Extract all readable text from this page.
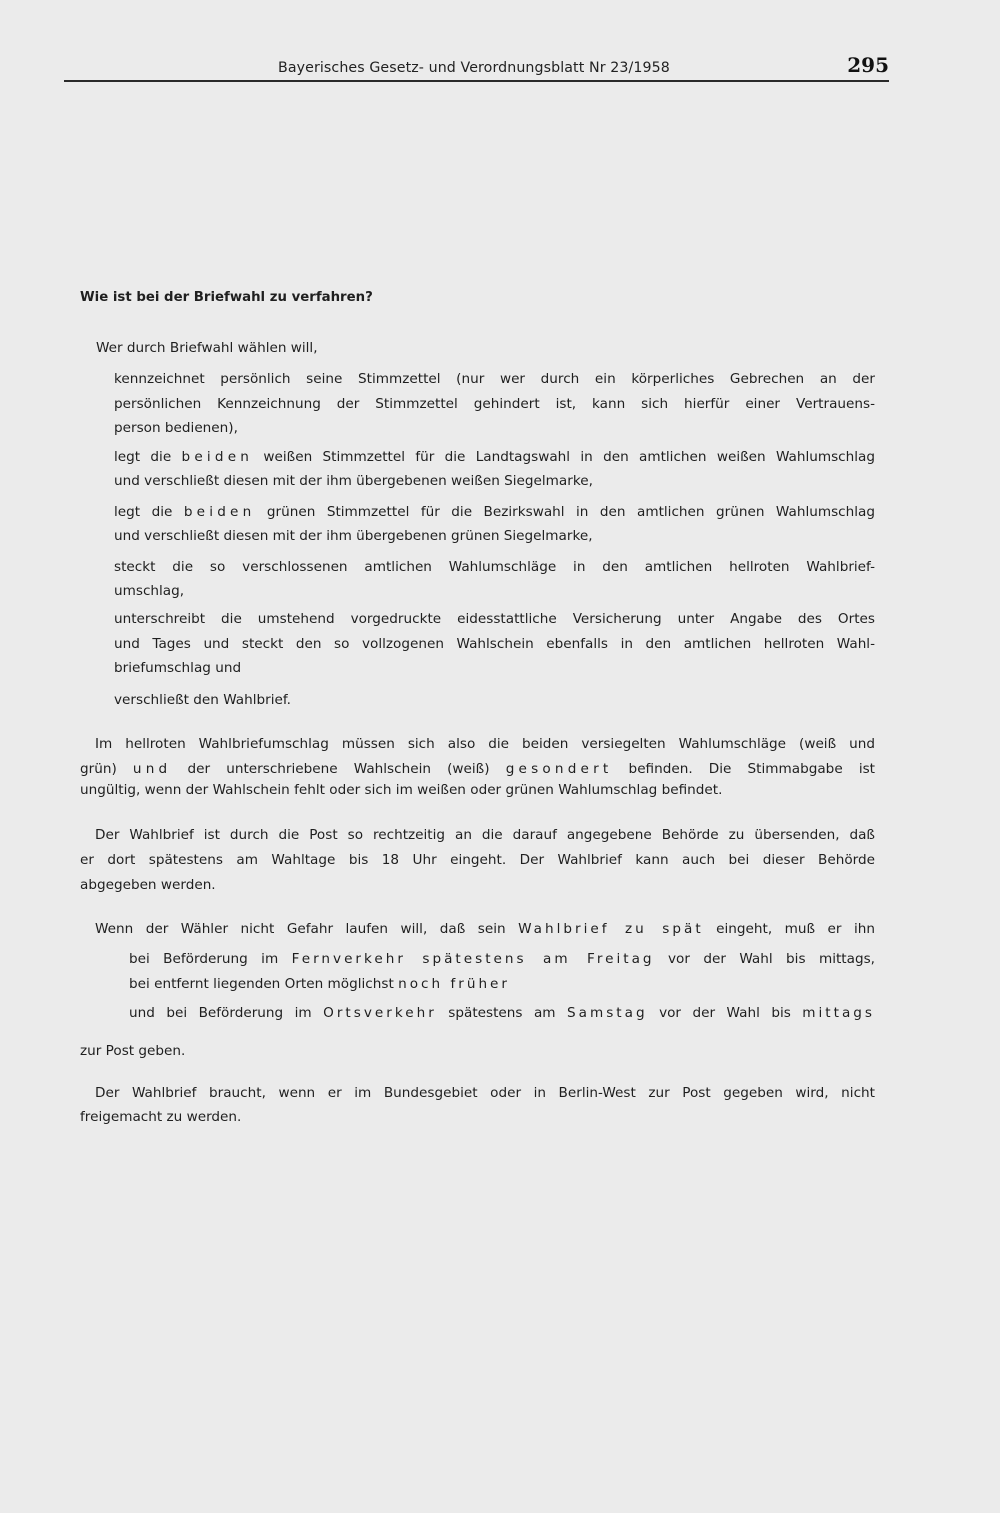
Bayerisches Gesetz- und Verordnungsblatt Nr 23/1958	295
Wie ist bei der Briefwahl zu verfahren?
Wer durch Briefwahl wählen will,
kennzeichnet persönlich seine Stimmzettel (nur wer durch ein körperliches Gebrechen an der
persönlichen Kennzeichnung der Stimmzettel gehindert ist, kann sich hierfür einer Vertrauens-
person bedienen),
legt die beiden weißen Stimmzettel für die Landtagswahl in den amtlichen weißen Wahlumschlag
und verschließt diesen mit der ihm übergebenen weißen Siegelmarke,
legt die beiden grünen Stimmzettel für die Bezirkswahl in den amtlichen grünen Wahlumschlag
und verschließt diesen mit der ihm übergebenen grünen Siegelmarke,
steckt die so verschlossenen amtlichen Wahlumschläge in den amtlichen hellroten Wahlbrief-
umschlag,
unterschreibt die umstehend vorgedruckte eidesstattliche Versicherung unter Angabe des Ortes
und Tages und steckt den so vollzogenen Wahlschein ebenfalls in den amtlichen hellroten Wahl-
briefumschlag und
verschließt den Wahlbrief.
Im hellroten Wahlbriefumschlag müssen sich also die beiden versiegelten Wahlumschläge (weiß und
grün) und der unterschriebene Wahlschein (weiß) gesondert befinden. Die Stimmabgabe ist
ungültig, wenn der Wahlschein fehlt oder sich im weißen oder grünen Wahlumschlag befindet.
Der Wahlbrief ist durch die Post so rechtzeitig an die darauf angegebene Behörde zu übersenden, daß
er dort spätestens am Wahltage bis 18 Uhr eingeht. Der Wahlbrief kann auch bei dieser Behörde
abgegeben werden.
Wenn der Wähler nicht Gefahr laufen will, daß sein Wahlbrief zu spät eingeht, muß er ihn
bei Beförderung im Fernverkehr spätestens am Freitag vor der Wahl bis mittags,
bei entfernt liegenden Orten möglichst noch früher
und bei Beförderung im Ortsverkehr spätestens am Samstag vor der Wahl bis mittags
zur Post geben.
Der Wahlbrief braucht, wenn er im Bundesgebiet oder in Berlin-West zur Post gegeben wird, nicht
freigemacht zu werden.
